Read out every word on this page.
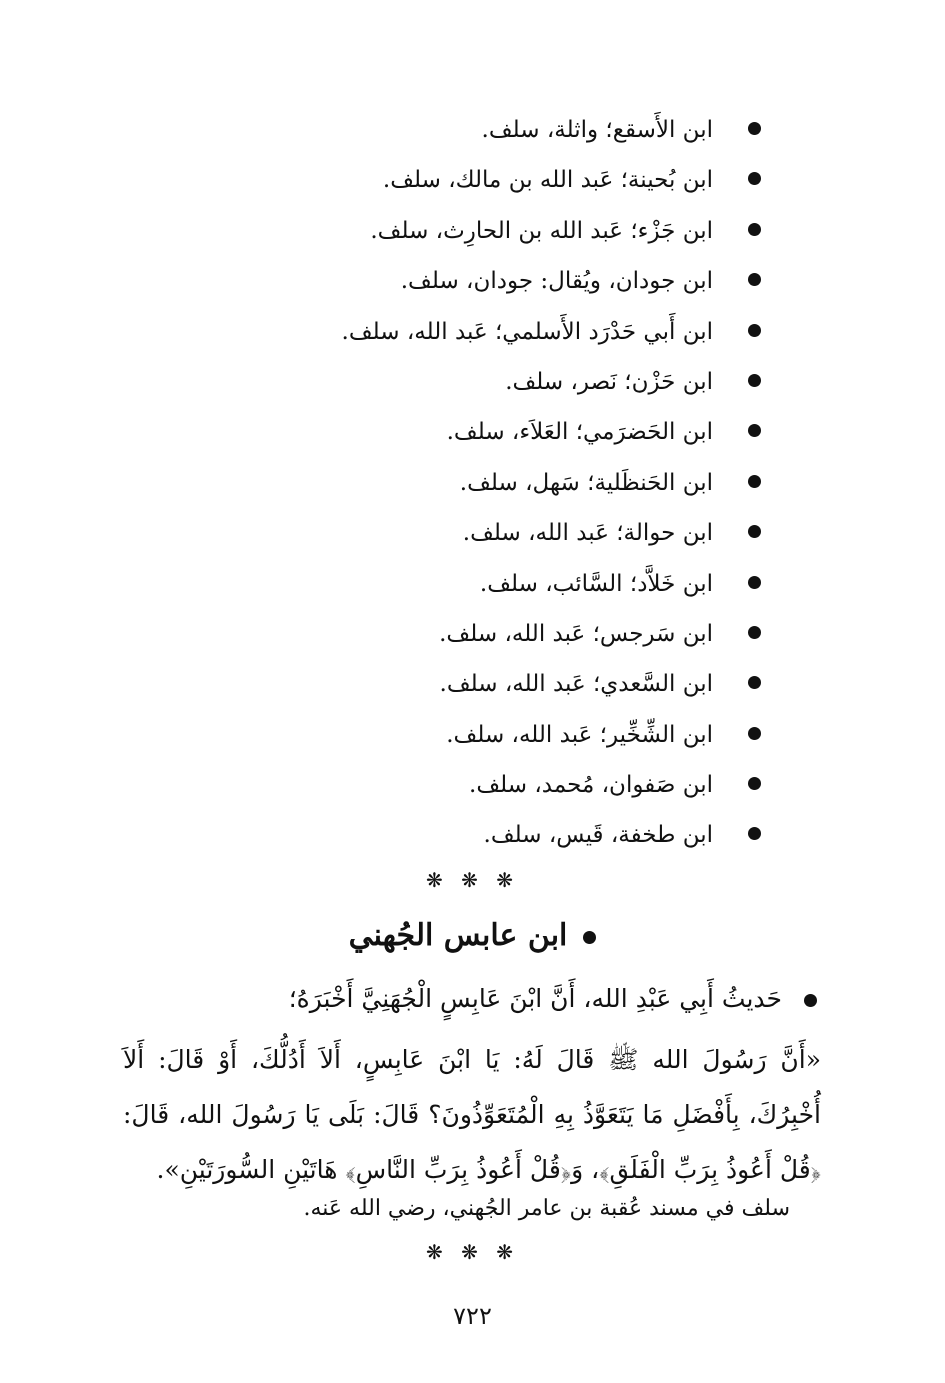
ابن الأَسقع؛ واثلة، سلف.
ابن بُحينة؛ عَبد الله بن مالك، سلف.
ابن جَزْء؛ عَبد الله بن الحارِث، سلف.
ابن جودان، ويُقال: جودان، سلف.
ابن أَبي حَدْرَد الأَسلمي؛ عَبد الله، سلف.
ابن حَزْن؛ نَصر، سلف.
ابن الحَضرَمي؛ العَلاَء، سلف.
ابن الحَنظَلية؛ سَهل، سلف.
ابن حوالة؛ عَبد الله، سلف.
ابن خَلاَّد؛ السَّائب، سلف.
ابن سَرجس؛ عَبد الله، سلف.
ابن السَّعدي؛ عَبد الله، سلف.
ابن الشِّخِّير؛ عَبد الله، سلف.
ابن صَفوان، مُحمد، سلف.
ابن طخفة، قَيس، سلف.
❋ ❋ ❋
ابن عابس الجُهني
حَديثُ أَبِي عَبْدِ الله، أَنَّ ابْنَ عَابِسٍ الْجُهَنِيَّ أَخْبَرَهُ؛
«أَنَّ رَسُولَ الله ﷺ قَالَ لَهُ: يَا ابْنَ عَابِسٍ، أَلاَ أَدُلُّكَ، أَوْ قَالَ: أَلاَ أُخْبِرُكَ، بِأَفْضَلِ مَا يَتَعَوَّذُ بِهِ الْمُتَعَوِّذُونَ؟ قَالَ: بَلَى يَا رَسُولَ الله، قَالَ: ﴿قُلْ أَعُوذُ بِرَبِّ الْفَلَقِ﴾، وَ﴿قُلْ أَعُوذُ بِرَبِّ النَّاسِ﴾ هَاتَيْنِ السُّورَتَيْنِ».
سلف في مسند عُقبة بن عامر الجُهني، رضي الله عَنه.
❋ ❋ ❋
٧٢٢
